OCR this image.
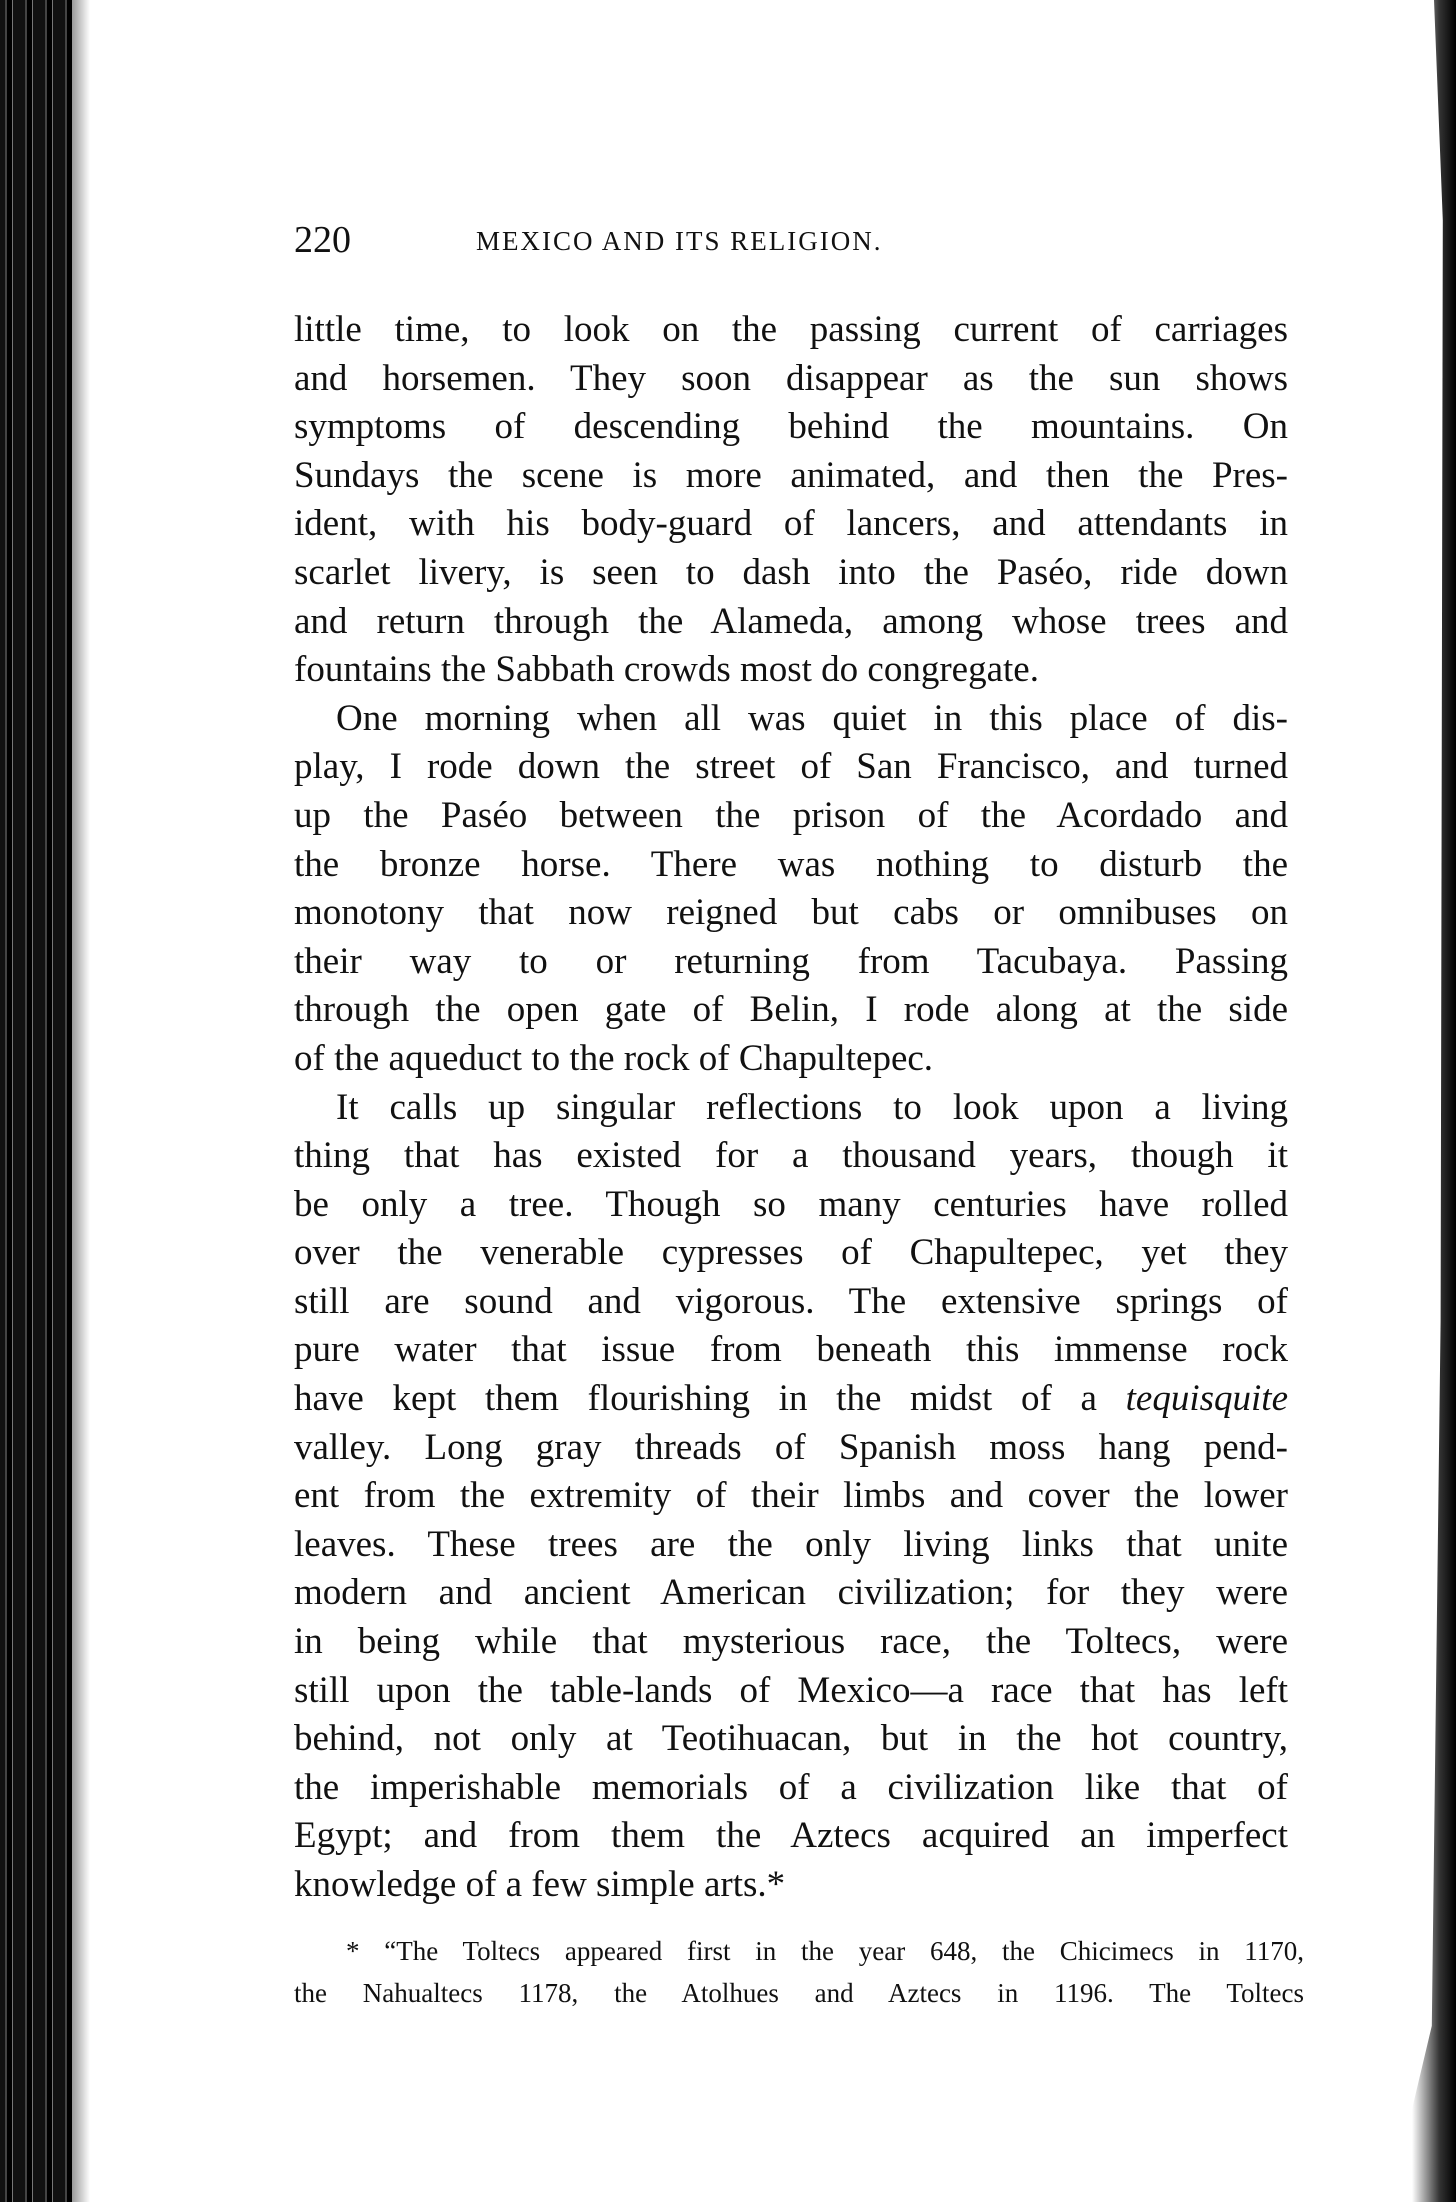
220	MEXICO AND ITS RELIGION.
little time, to look on the passing current of carriages
and horsemen. They soon disappear as the sun shows
symptoms of descending behind the mountains. On
Sundays the scene is more animated, and then the Pres-
ident, with his body-guard of lancers, and attendants in
scarlet livery, is seen to dash into the Paséo, ride down
and return through the Alameda, among whose trees and
fountains the Sabbath crowds most do congregate.
One morning when all was quiet in this place of dis-
play, I rode down the street of San Francisco, and turned
up the Paséo between the prison of the Acordado and
the bronze horse. There was nothing to disturb the
monotony that now reigned but cabs or omnibuses on
their way to or returning from Tacubaya. Passing
through the open gate of Belin, I rode along at the side
of the aqueduct to the rock of Chapultepec.
It calls up singular reflections to look upon a living
thing that has existed for a thousand years, though it
be only a tree. Though so many centuries have rolled
over the venerable cypresses of Chapultepec, yet they
still are sound and vigorous. The extensive springs of
pure water that issue from beneath this immense rock
have kept them flourishing in the midst of a tequisquite
valley. Long gray threads of Spanish moss hang pend-
ent from the extremity of their limbs and cover the lower
leaves. These trees are the only living links that unite
modern and ancient American civilization; for they were
in being while that mysterious race, the Toltecs, were
still upon the table-lands of Mexico—a race that has left
behind, not only at Teotihuacan, but in the hot country,
the imperishable memorials of a civilization like that of
Egypt; and from them the Aztecs acquired an imperfect
knowledge of a few simple arts.*
* “The Toltecs appeared first in the year 648, the Chicimecs in 1170,
the Nahualtecs 1178, the Atolhues and Aztecs in 1196. The Toltecs
